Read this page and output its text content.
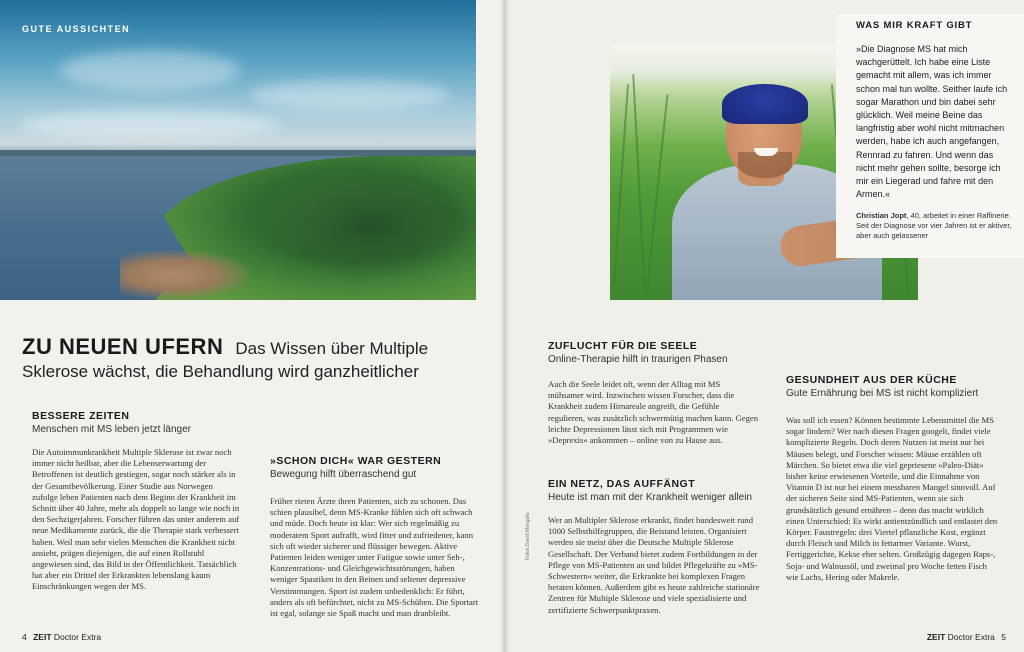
GUTE AUSSICHTEN
ZU NEUEN UFERN Das Wissen über Multiple
Sklerose wächst, die Behandlung wird ganzheitlicher
BESSERE ZEITEN
Menschen mit MS leben jetzt länger
Die Autoimmunkrankheit Multiple Sklerose ist zwar noch immer nicht heilbar, aber die Lebenserwartung der Betroffenen ist deutlich gestiegen, sogar noch stärker als in der Gesamtbevölkerung. Einer Studie aus Norwegen zufolge leben Patienten nach dem Beginn der Krankheit im Schnitt über 40 Jahre, mehr als doppelt so lange wie noch in den Sechzigerjahren. Forscher führen das unter anderem auf neue Medikamente zurück, die die Therapie stark verbessert haben. Weil man sehr vielen Menschen die Krankheit nicht ansieht, prägen diejenigen, die auf einen Rollstuhl angewiesen sind, das Bild in der Öffentlichkeit. Tatsächlich hat aber ein Drittel der Erkrankten lebenslang kaum Einschränkungen wegen der MS.
»SCHON DICH« WAR GESTERN
Bewegung hilft überraschend gut
Früher rieten Ärzte ihren Patienten, sich zu schonen. Das schien plausibel, denn MS-Kranke fühlen sich oft schwach und müde. Doch heute ist klar: Wer sich regelmäßig zu moderatem Sport aufrafft, wird fitter und zufriedener, kann sich oft wieder sicherer und flüssiger bewegen. Aktive Patienten leiden weniger unter Fatigue sowie unter Seh-, Konzentrations- und Gleichgewichtsstörungen, haben weniger Spastiken in den Beinen und seltener depressive Verstimmungen. Sport ist zudem unbedenklich: Er führt, anders als oft befürchtet, nicht zu MS-Schüben. Die Sportart ist egal, solange sie Spaß macht und man dranbleibt.
4 ZEIT Doctor Extra
ZUFLUCHT FÜR DIE SEELE
Online-Therapie hilft in traurigen Phasen
Auch die Seele leidet oft, wenn der Alltag mit MS mühsamer wird. Inzwischen wissen Forscher, dass die Krankheit zudem Hirnareale angreift, die Gefühle regulieren, was zusätzlich schwermütig machen kann. Gegen leichte Depressionen lässt sich mit Programmen wie »Deprexis« ankommen – online von zu Hause aus.
EIN NETZ, DAS AUFFÄNGT
Heute ist man mit der Krankheit weniger allein
Wer an Multipler Sklerose erkrankt, findet bundesweit rund 1000 Selbsthilfegruppen, die Beistand leisten. Organisiert werden sie meist über die Deutsche Multiple Sklerose Gesellschaft. Der Verband bietet zudem Fortbildungen in der Pflege von MS-Patienten an und bildet Pflegekräfte zu »MS-Schwestern« weiter, die Erkrankte bei komplexen Fragen beraten können. Außerdem gibt es heute zahlreiche stationäre Zentren für Multiple Sklerose und viele spezialisierte und zertifizierte Schwerpunktpraxen.
GESUNDHEIT AUS DER KÜCHE
Gute Ernährung bei MS ist nicht kompliziert
Was soll ich essen? Können bestimmte Lebensmittel die MS sogar lindern? Wer nach diesen Fragen googelt, findet viele komplizierte Regeln. Doch deren Nutzen ist meist nur bei Mäusen belegt, und Forscher wissen: Mäuse erzählen oft Märchen. So bietet etwa die viel gepriesene »Paleo-Diät« bisher keine erwiesenen Vorteile, und die Einnahme von Vitamin D ist nur bei einem messbaren Mangel sinnvoll. Auf der sicheren Seite sind MS-Patienten, wenn sie sich grundsätzlich gesund ernähren – denn das macht wirklich einen Unterschied: Es wirkt antientzündlich und entlastet den Körper. Faustregeln: drei Viertel pflanzliche Kost, ergänzt durch Fleisch und Milch in fettarmer Variante. Wurst, Fertiggerichte, Kekse eher selten. Großzügig dagegen Raps-, Soja- und Walnussöl, und zweimal pro Woche fetten Fisch wie Lachs, Hering oder Makrele.
ZEIT Doctor Extra 5
WAS MIR KRAFT GIBT
»Die Diagnose MS hat mich wachgerüttelt. Ich habe eine Liste gemacht mit allem, was ich immer schon mal tun wollte. Seither laufe ich sogar Marathon und bin dabei sehr glücklich. Weil meine Beine das langfristig aber wohl nicht mitmachen werden, habe ich auch angefangen, Rennrad zu fahren. Und wenn das nicht mehr gehen sollte, besorge ich mir ein Liegerad und fahre mit den Armen.«
Christian Jopt, 40, arbeitet in einer Raffinerie. Seit der Diagnose vor vier Jahren ist er aktiver, aber auch gelassener
Fotos David Mangolo
